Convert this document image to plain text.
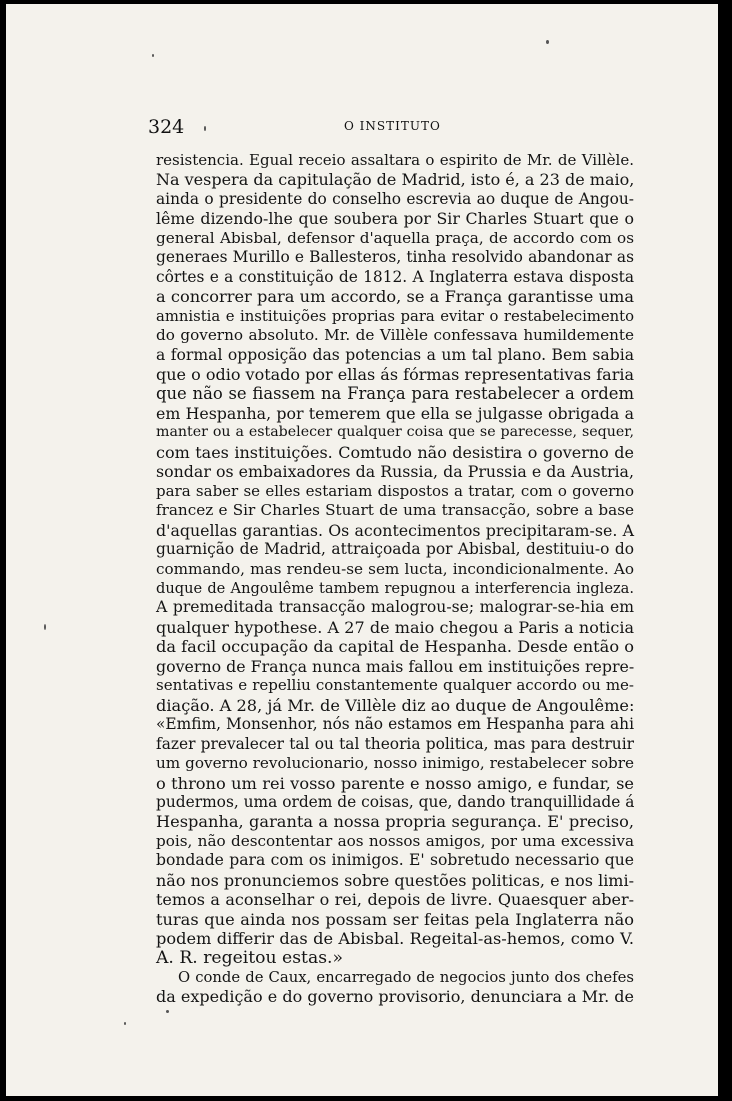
324	O INSTITUTO
resistencia. Egual receio assaltara o espirito de Mr. de Villèle.
Na vespera da capitulação de Madrid, isto é, a 23 de maio,
ainda o presidente do conselho escrevia ao duque de Angou-
lême dizendo-lhe que soubera por Sir Charles Stuart que o
general Abisbal, defensor d'aquella praça, de accordo com os
generaes Murillo e Ballesteros, tinha resolvido abandonar as
côrtes e a constituição de 1812. A Inglaterra estava disposta
a concorrer para um accordo, se a França garantisse uma
amnistia e instituições proprias para evitar o restabelecimento
do governo absoluto. Mr. de Villèle confessava humildemente
a formal opposição das potencias a um tal plano. Bem sabia
que o odio votado por ellas ás fórmas representativas faria
que não se fiassem na França para restabelecer a ordem
em Hespanha, por temerem que ella se julgasse obrigada a
manter ou a estabelecer qualquer coisa que se parecesse, sequer,
com taes instituições. Comtudo não desistira o governo de
sondar os embaixadores da Russia, da Prussia e da Austria,
para saber se elles estariam dispostos a tratar, com o governo
francez e Sir Charles Stuart de uma transacção, sobre a base
d'aquellas garantias. Os acontecimentos precipitaram-se. A
guarnição de Madrid, attraiçoada por Abisbal, destituiu-o do
commando, mas rendeu-se sem lucta, incondicionalmente. Ao
duque de Angoulême tambem repugnou a interferencia ingleza.
A premeditada transacção malogrou-se; malograr-se-hia em
qualquer hypothese. A 27 de maio chegou a Paris a noticia
da facil occupação da capital de Hespanha. Desde então o
governo de França nunca mais fallou em instituições repre-
sentativas e repelliu constantemente qualquer accordo ou me-
diação. A 28, já Mr. de Villèle diz ao duque de Angoulême:
«Emfim, Monsenhor, nós não estamos em Hespanha para ahi
fazer prevalecer tal ou tal theoria politica, mas para destruir
um governo revolucionario, nosso inimigo, restabelecer sobre
o throno um rei vosso parente e nosso amigo, e fundar, se
pudermos, uma ordem de coisas, que, dando tranquillidade á
Hespanha, garanta a nossa propria segurança. E' preciso,
pois, não descontentar aos nossos amigos, por uma excessiva
bondade para com os inimigos. E' sobretudo necessario que
não nos pronunciemos sobre questões politicas, e nos limi-
temos a aconselhar o rei, depois de livre. Quaesquer aber-
turas que ainda nos possam ser feitas pela Inglaterra não
podem differir das de Abisbal. Regeital-as-hemos, como V.
A. R. regeitou estas.»
O conde de Caux, encarregado de negocios junto dos chefes
da expedição e do governo provisorio, denunciara a Mr. de
